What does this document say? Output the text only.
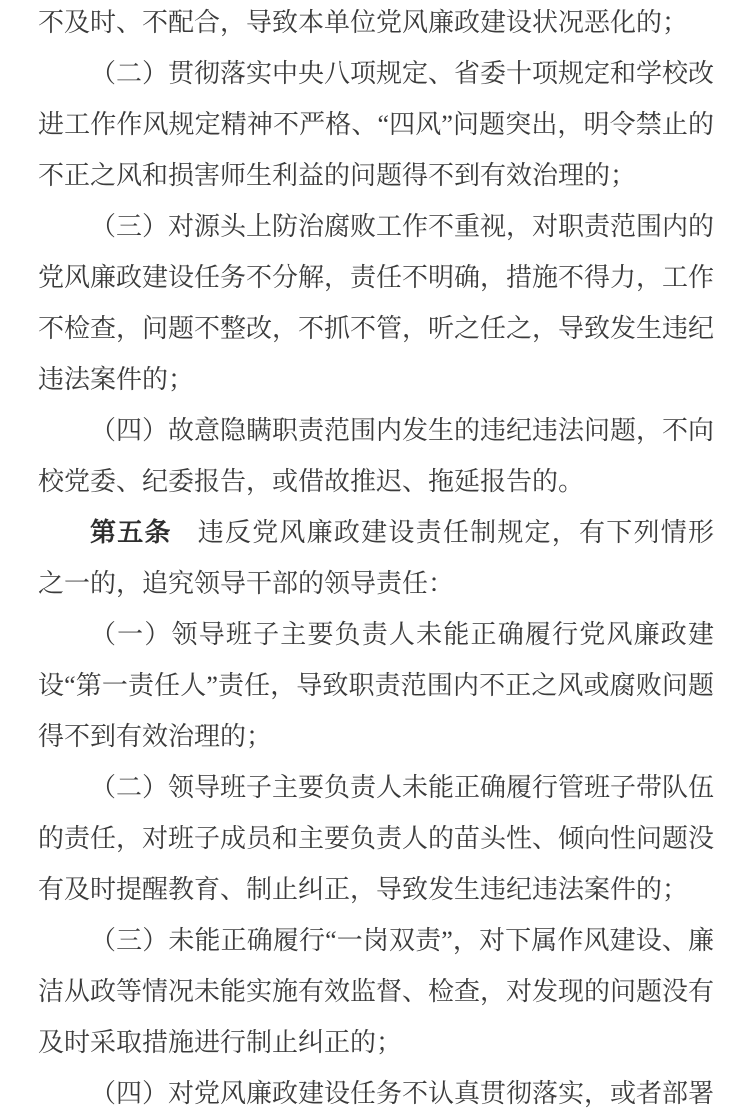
不及时、不配合，导致本单位党风廉政建设状况恶化的；

（二）贯彻落实中央八项规定、省委十项规定和学校改进工作作风规定精神不严格、“四风”问题突出，明令禁止的不正之风和损害师生利益的问题得不到有效治理的；

（三）对源头上防治腐败工作不重视，对职责范围内的党风廉政建设任务不分解，责任不明确，措施不得力，工作不检查，问题不整改，不抓不管，听之任之，导致发生违纪违法案件的；

（四）故意隐瞒职责范围内发生的违纪违法问题，不向校党委、纪委报告，或借故推迟、拖延报告的。

第五条 违反党风廉政建设责任制规定，有下列情形之一的，追究领导干部的领导责任：

（一）领导班子主要负责人未能正确履行党风廉政建设“第一责任人”责任，导致职责范围内不正之风或腐败问题得不到有效治理的；

（二）领导班子主要负责人未能正确履行管班子带队伍的责任，对班子成员和主要负责人的苗头性、倾向性问题没有及时提醒教育、制止纠正，导致发生违纪违法案件的；

（三）未能正确履行“一岗双责”，对下属作风建设、廉洁从政等情况未能实施有效监督、检查，对发现的问题没有及时采取措施进行制止纠正的；

（四）对党风廉政建设任务不认真贯彻落实，或者部署
